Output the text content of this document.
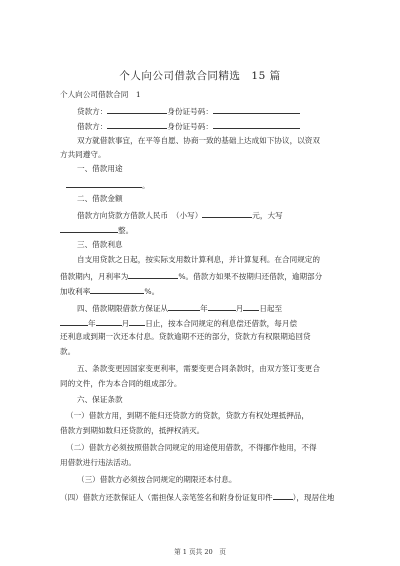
个人向公司借款合同精选　15 篇
个人向公司借款合同　1
贷款方：	身份证号码：
借款方：	身份证号码：
双方就借款事宜，在平等自愿、协商一致的基础上达成如下协议，以资双
方共同遵守。
一、借款用途
。
二、借款金额
借款方向贷款方借款人民币　（小写）	元，大写
整。
三、借款利息
自支用贷款之日起，按实际支用数计算利息，并计算复利。在合同规定的
借款期内，月利率为	%。借款方如果不按期归还借款，逾期部分
加收利率	%。
四、借款期限借款方保证从	年	月 日起至
年	月 日止，按本合同规定的利息偿还借款，每月偿
还利息或到期一次还本付息。贷款逾期不还的部分，贷款方有权限期追回贷
款。
五、条款变更因国家变更利率，需要变更合同条款时，由双方签订变更合
同的文件，作为本合同的组成部分。
六、保证条款
（一）借款方用，到期不能归还贷款方的贷款，贷款方有权处理抵押品，
借款方到期如数归还贷款的，抵押权消灭。
（二）借款方必须按照借款合同规定的用途使用借款，不得挪作他用，不得
用借款进行违法活动。
（三）借款方必须按合同规定的期限还本付息。
（四）借款方还款保证人（需担保人亲笔签名和附身份证复印件	），现居住地
第 1 页共 20　页
